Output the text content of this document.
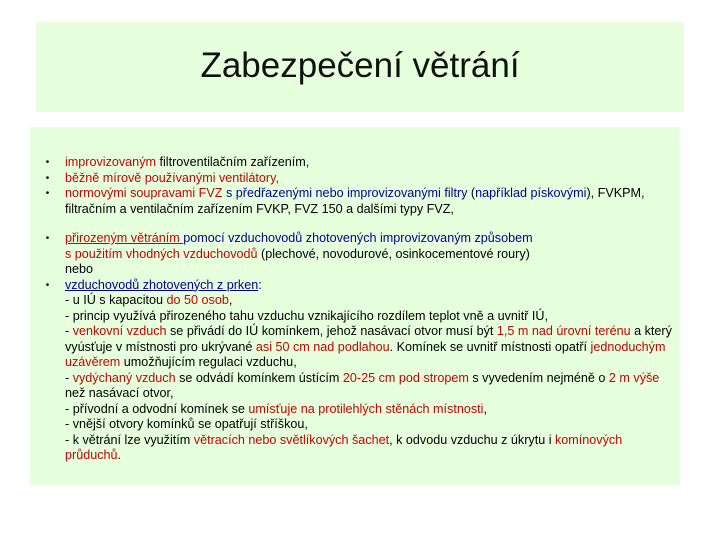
Zabezpečení větrání
•	improvizovaným filtroventilačním zařízením,
•	běžně mírově používanými ventilátory,
•	normovými soupravami FVZ s předřazenými nebo improvizovanými filtry (například pískovými), FVKPM, filtračním a ventilačním zařízením FVKP, FVZ 150 a dalšími typy FVZ,
•	přirozeným větráním pomocí vzduchovodů zhotovených improvizovaným způsobem
s použitím vhodných vzduchovodů (plechové, novodurové, osinkocementové roury)
nebo
•	vzduchovodů zhotovených z prken:
- u IÚ s kapacitou do 50 osob,
- princip využívá přirozeného tahu vzduchu vznikajícího rozdílem teplot vně a uvnitř IÚ,
- venkovní vzduch se přivádí do IÚ komínkem, jehož nasávací otvor musí být 1,5 m nad úrovní terénu a který vyúsťuje v místnosti pro ukrývané asi 50 cm nad podlahou. Komínek se uvnitř místnosti opatří jednoduchým uzávěrem umožňujícím regulaci vzduchu,
- vydýchaný vzduch se odvádí komínkem ústícím 20-25 cm pod stropem s vyvedením nejméně o 2 m výše než nasávací otvor,
- přívodní a odvodní komínek se umísťuje na protilehlých stěnách místnosti,
- vnější otvory komínků se opatřují stříškou,
- k větrání lze využitím větracích nebo světlíkových šachet, k odvodu vzduchu z úkrytu i komínových průduchů.
